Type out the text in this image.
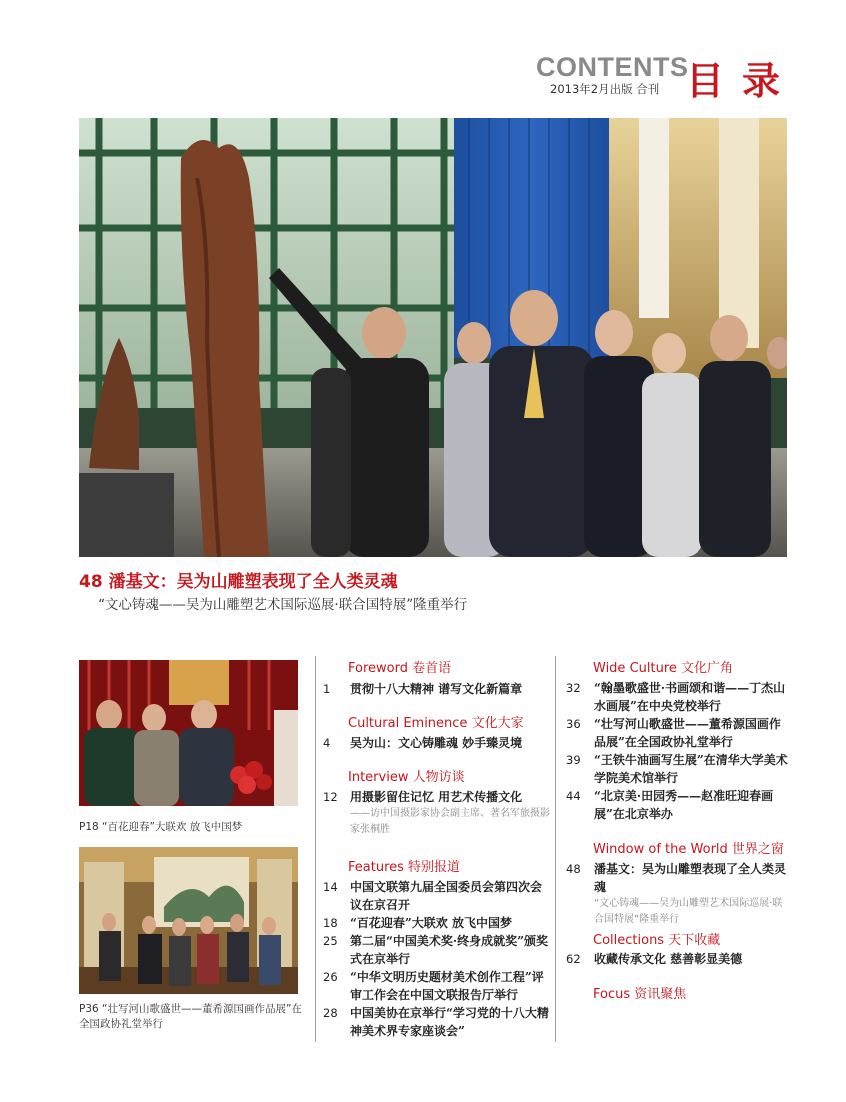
CONTENTS
2013年2月出版 合刊 目录
48 潘基文：吴为山雕塑表现了全人类灵魂
“文心铸魂——吴为山雕塑艺术国际巡展·联合国特展”隆重举行
P18 “百花迎春”大联欢 放飞中国梦
P36 “壮写河山歌盛世——董希源国画作品展”在全国政协礼堂举行
Foreword 卷首语
1 贯彻十八大精神 谱写文化新篇章
Cultural Eminence 文化大家
4 吴为山：文心铸雕魂 妙手臻灵境
Interview 人物访谈
12 用摄影留住记忆 用艺术传播文化
——访中国摄影家协会副主席、著名军旅摄影家张桐胜
Features 特别报道
14 中国文联第九届全国委员会第四次会议在京召开
18 “百花迎春”大联欢 放飞中国梦
25 第二届“中国美术奖·终身成就奖”颁奖式在京举行
26 “中华文明历史题材美术创作工程”评审工作会在中国文联报告厅举行
28 中国美协在京举行“学习党的十八大精神美术界专家座谈会”
Wide Culture 文化广角
32 “翰墨歌盛世·书画颂和谐——丁杰山水画展”在中央党校举行
36 “壮写河山歌盛世——董希源国画作品展”在全国政协礼堂举行
39 “王铁牛油画写生展”在清华大学美术学院美术馆举行
44 “北京美·田园秀——赵准旺迎春画展”在北京举办
Window of the World 世界之窗
48 潘基文：吴为山雕塑表现了全人类灵魂
“文心铸魂——吴为山雕塑艺术国际巡展·联合国特展”隆重举行
Collections 天下收藏
62 收藏传承文化 慈善彰显美德
Focus 资讯聚焦
